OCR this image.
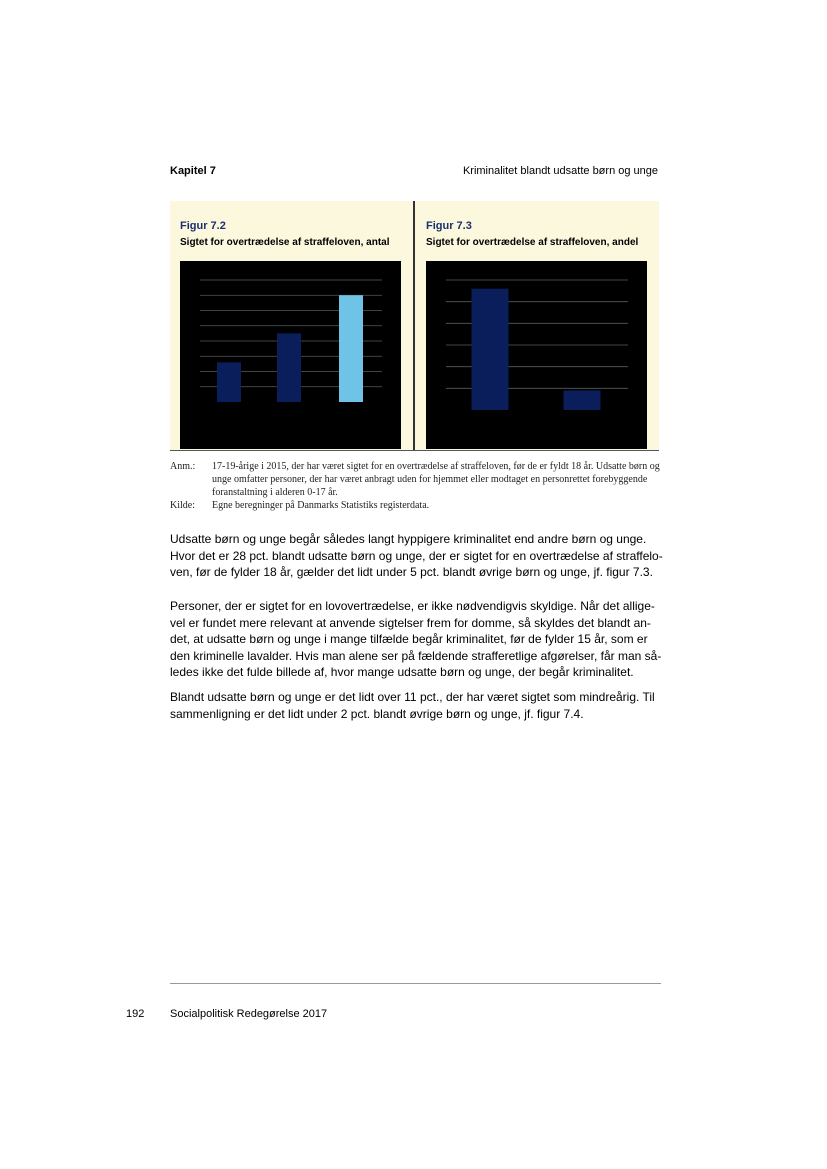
Kapitel 7	Kriminalitet blandt udsatte børn og unge
Figur 7.2
Sigtet for overtrædelse af straffeloven, antal
Figur 7.3
Sigtet for overtrædelse af straffeloven, andel
Anm.:	17-19-årige i 2015, der har været sigtet for en overtrædelse af straffeloven, før de er fyldt 18 år. Udsatte børn og unge omfatter personer, der har været anbragt uden for hjemmet eller modtaget en personrettet forebyggende foranstaltning i alderen 0-17 år.
Kilde:	Egne beregninger på Danmarks Statistiks registerdata.
Udsatte børn og unge begår således langt hyppigere kriminalitet end andre børn og unge.
Hvor det er 28 pct. blandt udsatte børn og unge, der er sigtet for en overtrædelse af straffelo-
ven, før de fylder 18 år, gælder det lidt under 5 pct. blandt øvrige børn og unge, jf. figur 7.3.
Personer, der er sigtet for en lovovertrædelse, er ikke nødvendigvis skyldige. Når det allige-
vel er fundet mere relevant at anvende sigtelser frem for domme, så skyldes det blandt an-
det, at udsatte børn og unge i mange tilfælde begår kriminalitet, før de fylder 15 år, som er
den kriminelle lavalder. Hvis man alene ser på fældende strafferetlige afgørelser, får man så-
ledes ikke det fulde billede af, hvor mange udsatte børn og unge, der begår kriminalitet.
Blandt udsatte børn og unge er det lidt over 11 pct., der har været sigtet som mindreårig. Til
sammenligning er det lidt under 2 pct. blandt øvrige børn og unge, jf. figur 7.4.
192 Socialpolitisk Redegørelse 2017
